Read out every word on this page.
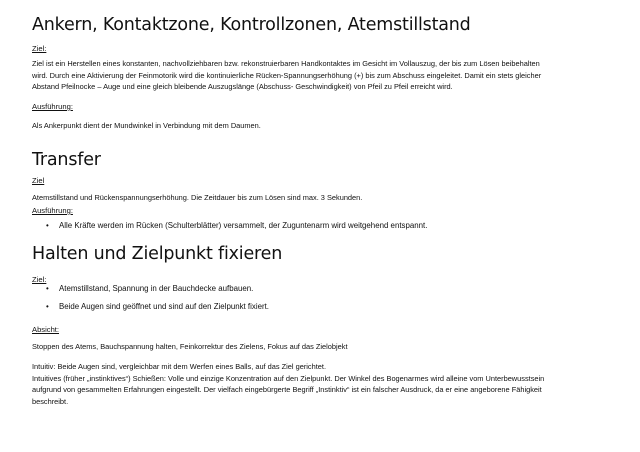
Ankern, Kontaktzone, Kontrollzonen, Atemstillstand
Ziel:
Ziel ist ein Herstellen eines konstanten, nachvollziehbaren bzw. rekonstruierbaren Handkontaktes im Gesicht im Vollauszug, der bis zum Lösen beibehalten
wird. Durch eine Aktivierung der Feinmotorik wird die kontinuierliche Rücken-Spannungserhöhung (+) bis zum Abschuss eingeleitet. Damit ein stets gleicher
Abstand Pfeilnocke – Auge und eine gleich bleibende Auszugslänge (Abschuss- Geschwindigkeit) von Pfeil zu Pfeil erreicht wird.
Ausführung:
Als Ankerpunkt dient der Mundwinkel in Verbindung mit dem Daumen.
Transfer
Ziel
Atemstillstand und Rückenspannungserhöhung. Die Zeitdauer bis zum Lösen sind max. 3 Sekunden.
Ausführung:
• Alle Kräfte werden im Rücken (Schulterblätter) versammelt, der Zuguntenarm wird weitgehend entspannt.
Halten und Zielpunkt fixieren
Ziel:
• Atemstillstand, Spannung in der Bauchdecke aufbauen.
• Beide Augen sind geöffnet und sind auf den Zielpunkt fixiert.
Absicht:
Stoppen des Atems, Bauchspannung halten, Feinkorrektur des Zielens, Fokus auf das Zielobjekt
Intuitiv: Beide Augen sind, vergleichbar mit dem Werfen eines Balls, auf das Ziel gerichtet.
Intuitives (früher „instinktives“) Schießen: Volle und einzige Konzentration auf den Zielpunkt. Der Winkel des Bogenarmes wird alleine vom Unterbewusstsein
aufgrund von gesammelten Erfahrungen eingestellt. Der vielfach eingebürgerte Begriff „Instinktiv“ ist ein falscher Ausdruck, da er eine angeborene Fähigkeit
beschreibt.
